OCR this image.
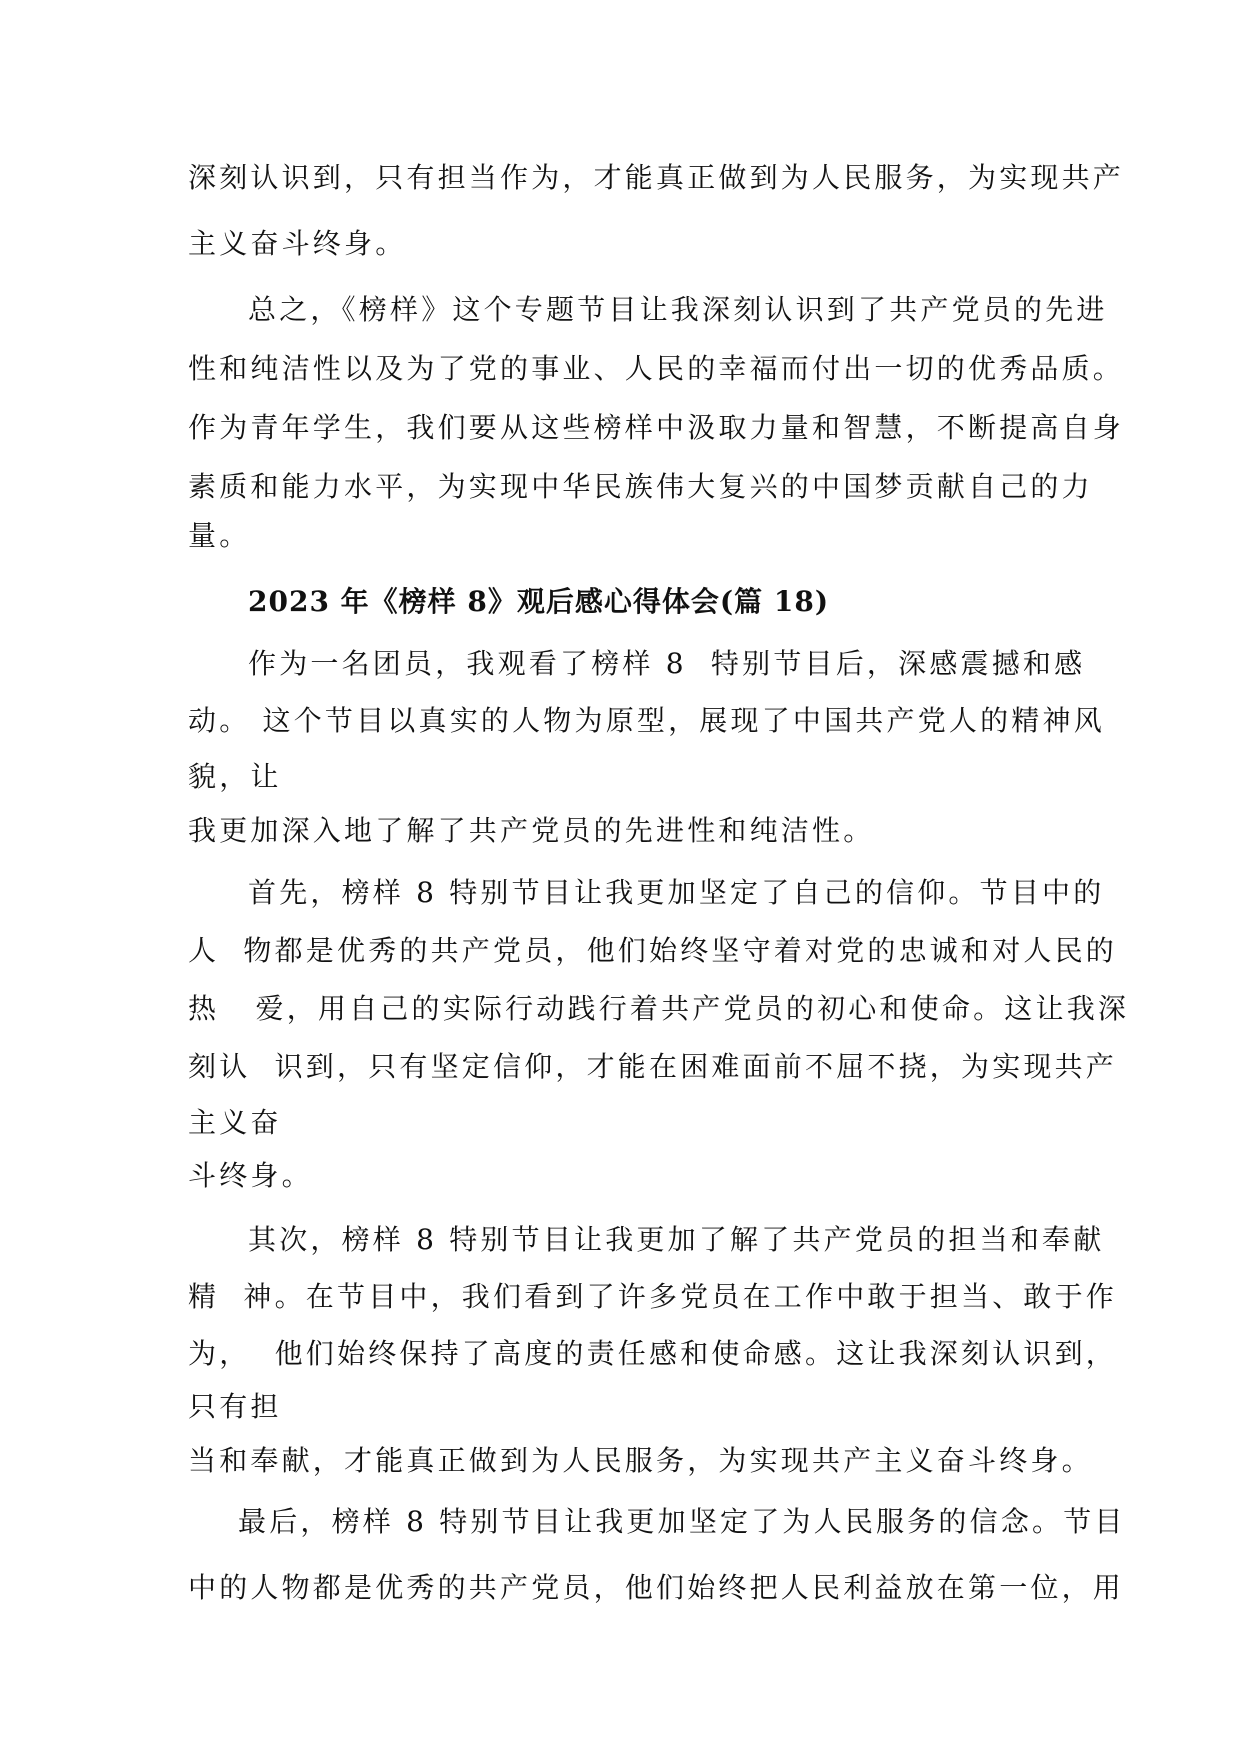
深刻认识到，只有担当作为，才能真正做到为人民服务，为实现共产
主义奋斗终身。
总之，《榜样》这个专题节目让我深刻认识到了共产党员的先进
性和纯洁性以及为了党的事业、人民的幸福而付出一切的优秀品质。
作为青年学生，我们要从这些榜样中汲取力量和智慧，不断提高自身
素质和能力水平，为实现中华民族伟大复兴的中国梦贡献自己的力
量。
2023 年《榜样 8》观后感心得体会(篇 18)
作为一名团员，我观看了榜样 8  特别节目后，深感震撼和感
动。 这个节目以真实的人物为原型，展现了中国共产党人的精神风
貌，让
我更加深入地了解了共产党员的先进性和纯洁性。
首先，榜样 8 特别节目让我更加坚定了自己的信仰。节目中的
人  物都是优秀的共产党员，他们始终坚守着对党的忠诚和对人民的
热   爱，用自己的实际行动践行着共产党员的初心和使命。这让我深
刻认  识到，只有坚定信仰，才能在困难面前不屈不挠，为实现共产
主义奋
斗终身。
其次，榜样 8 特别节目让我更加了解了共产党员的担当和奉献
精  神。在节目中，我们看到了许多党员在工作中敢于担当、敢于作
为，  他们始终保持了高度的责任感和使命感。这让我深刻认识到，
只有担
当和奉献，才能真正做到为人民服务，为实现共产主义奋斗终身。
最后，榜样 8 特别节目让我更加坚定了为人民服务的信念。节目
中的人物都是优秀的共产党员，他们始终把人民利益放在第一位，用
